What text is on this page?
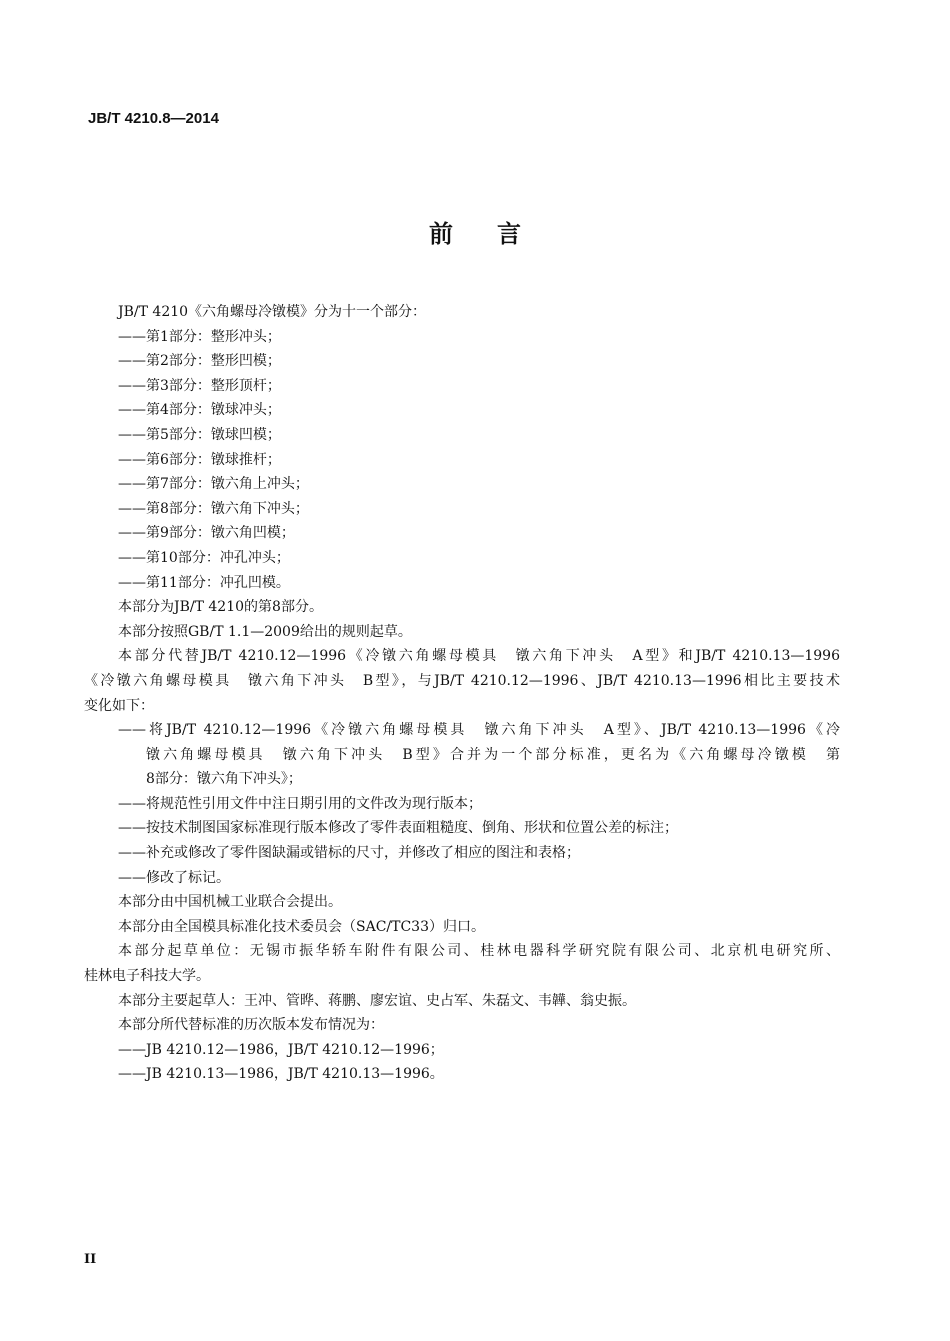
JB/T 4210.8—2014
前言
JB/T 4210《六角螺母冷镦模》分为十一个部分：
——第1部分：整形冲头；
——第2部分：整形凹模；
——第3部分：整形顶杆；
——第4部分：镦球冲头；
——第5部分：镦球凹模；
——第6部分：镦球推杆；
——第7部分：镦六角上冲头；
——第8部分：镦六角下冲头；
——第9部分：镦六角凹模；
——第10部分：冲孔冲头；
——第11部分：冲孔凹模。
本部分为JB/T 4210的第8部分。
本部分按照GB/T 1.1—2009给出的规则起草。
本部分代替JB/T 4210.12—1996《冷镦六角螺母模具　镦六角下冲头　A型》和JB/T 4210.13—1996
《冷镦六角螺母模具　镦六角下冲头　B型》，与JB/T 4210.12—1996、JB/T 4210.13—1996相比主要技术
变化如下：
——将JB/T 4210.12—1996《冷镦六角螺母模具　镦六角下冲头　A型》、JB/T 4210.13—1996《冷
镦六角螺母模具　镦六角下冲头　B型》合并为一个部分标准，更名为《六角螺母冷镦模　第
8部分：镦六角下冲头》；
——将规范性引用文件中注日期引用的文件改为现行版本；
——按技术制图国家标准现行版本修改了零件表面粗糙度、倒角、形状和位置公差的标注；
——补充或修改了零件图缺漏或错标的尺寸，并修改了相应的图注和表格；
——修改了标记。
本部分由中国机械工业联合会提出。
本部分由全国模具标准化技术委员会（SAC/TC33）归口。
本部分起草单位：无锡市振华轿车附件有限公司、桂林电器科学研究院有限公司、北京机电研究所、
桂林电子科技大学。
本部分主要起草人：王冲、管晔、蒋鹏、廖宏谊、史占军、朱磊文、韦韡、翁史振。
本部分所代替标准的历次版本发布情况为：
——JB 4210.12—1986，JB/T 4210.12—1996；
——JB 4210.13—1986，JB/T 4210.13—1996。
II
